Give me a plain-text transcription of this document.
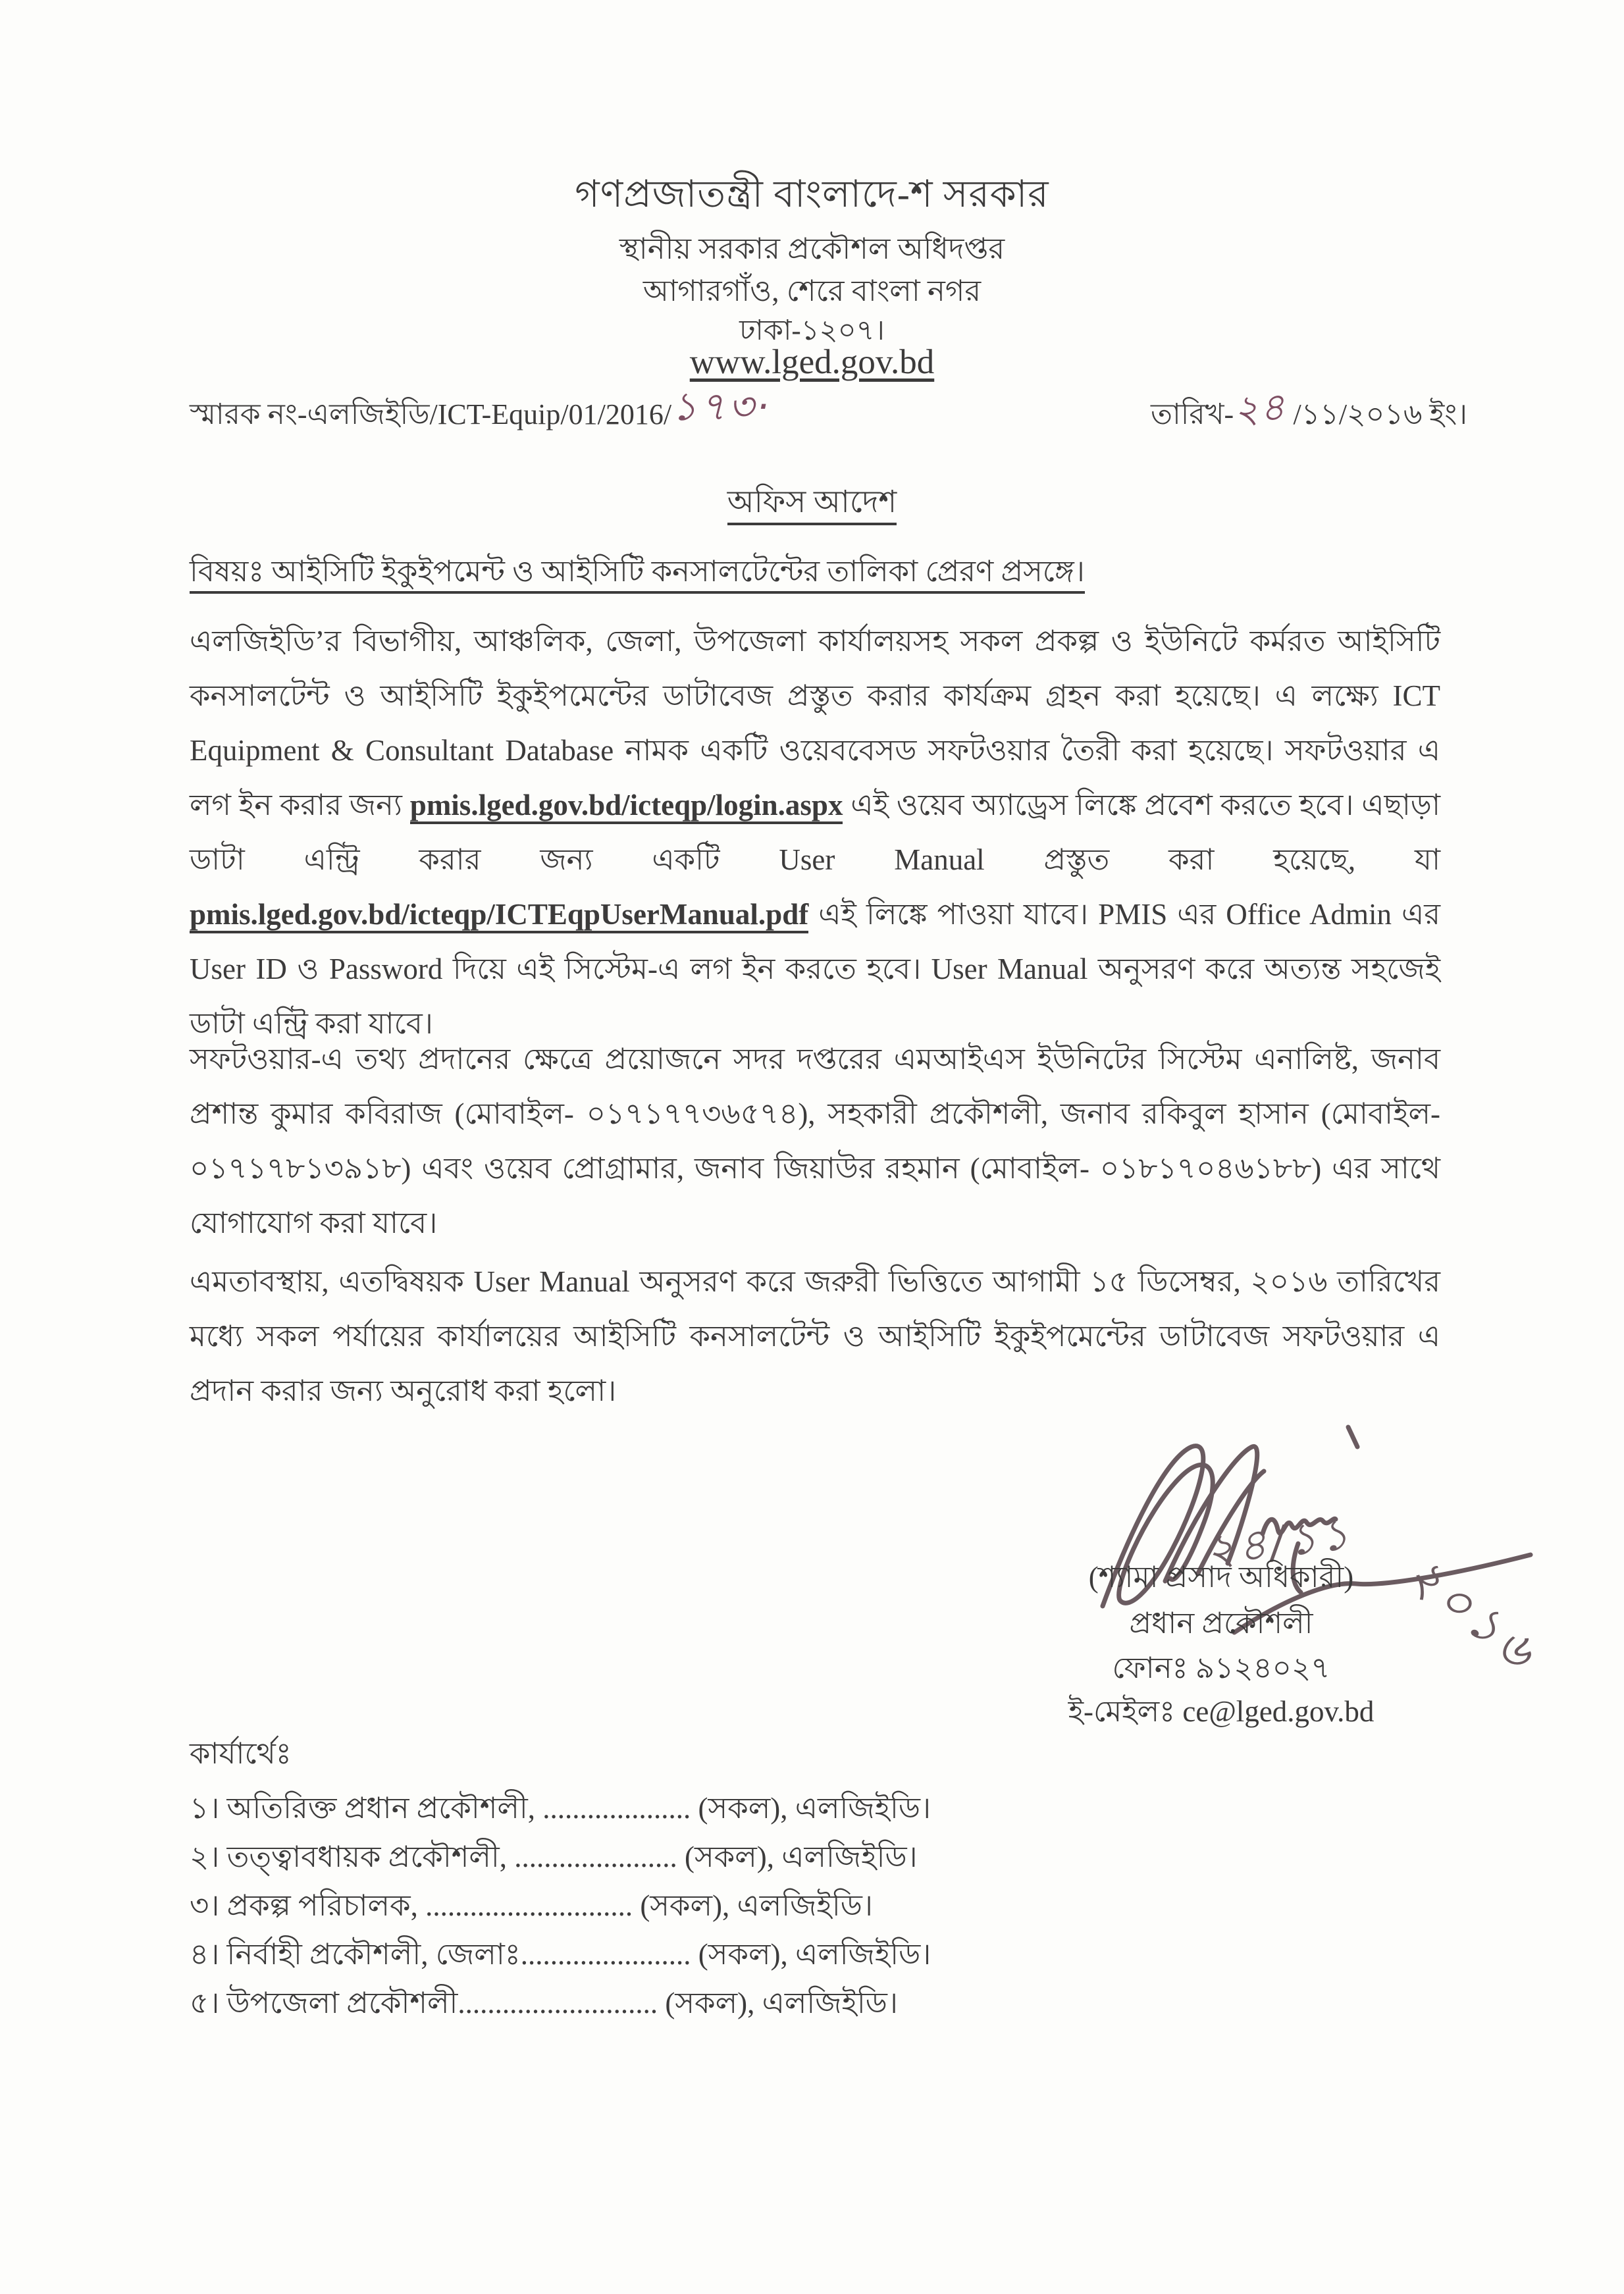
গণপ্রজাতন্ত্রী বাংলাদে-শ সরকার
স্থানীয় সরকার প্রকৌশল অধিদপ্তর
আগারগাঁও, শেরে বাংলা নগর
ঢাকা-১২০৭।
www.lged.gov.bd
স্মারক নং-এলজিইডি/ICT-Equip/01/2016/১৭৩·	তারিখ-২৪ /১১/২০১৬ ইং।
অফিস আদেশ
বিষয়ঃ আইসিটি ইকুইপমেন্ট ও আইসিটি কনসালটেন্টের তালিকা প্রেরণ প্রসঙ্গে।
এলজিইডি’র বিভাগীয়, আঞ্চলিক, জেলা, উপজেলা কার্যালয়সহ সকল প্রকল্প ও ইউনিটে কর্মরত আইসিটি কনসালটেন্ট ও আইসিটি ইকুইপমেন্টের ডাটাবেজ প্রস্তুত করার কার্যক্রম গ্রহন করা হয়েছে। এ লক্ষ্যে ICT Equipment & Consultant Database নামক একটি ওয়েববেসড সফটওয়ার তৈরী করা হয়েছে। সফটওয়ার এ লগ ইন করার জন্য pmis.lged.gov.bd/icteqp/login.aspx এই ওয়েব অ্যাড্রেস লিঙ্কে প্রবেশ করতে হবে। এছাড়া ডাটা এন্ট্রি করার জন্য একটি User Manual প্রস্তুত করা হয়েছে, যা pmis.lged.gov.bd/icteqp/ICTEqpUserManual.pdf এই লিঙ্কে পাওয়া যাবে। PMIS এর Office Admin এর User ID ও Password দিয়ে এই সিস্টেম-এ লগ ইন করতে হবে। User Manual অনুসরণ করে অত্যন্ত সহজেই ডাটা এন্ট্রি করা যাবে।
সফটওয়ার-এ তথ্য প্রদানের ক্ষেত্রে প্রয়োজনে সদর দপ্তরের এমআইএস ইউনিটের সিস্টেম এনালিষ্ট, জনাব প্রশান্ত কুমার কবিরাজ (মোবাইল- ০১৭১৭৭৩৬৫৭৪), সহকারী প্রকৌশলী, জনাব রকিবুল হাসান (মোবাইল- ০১৭১৭৮১৩৯১৮) এবং ওয়েব প্রোগ্রামার, জনাব জিয়াউর রহমান (মোবাইল- ০১৮১৭০৪৬১৮৮) এর সাথে যোগাযোগ করা যাবে।
এমতাবস্থায়, এতদ্বিষয়ক User Manual অনুসরণ করে জরুরী ভিত্তিতে আগামী ১৫ ডিসেম্বর, ২০১৬ তারিখের মধ্যে সকল পর্যায়ের কার্যালয়ের আইসিটি কনসালটেন্ট ও আইসিটি ইকুইপমেন্টের ডাটাবেজ সফটওয়ার এ প্রদান করার জন্য অনুরোধ করা হলো।
২৪/১১
২০১৬
(শ্যামা প্রসাদ অধিকারী)
প্রধান প্রকৌশলী
ফোনঃ ৯১২৪০২৭
ই-মেইলঃ ce@lged.gov.bd
কার্যার্থেঃ
১। অতিরিক্ত প্রধান প্রকৌশলী, .................... (সকল), এলজিইডি।
২। তত্ত্বাবধায়ক প্রকৌশলী, ...................... (সকল), এলজিইডি।
৩। প্রকল্প পরিচালক, ............................ (সকল), এলজিইডি।
৪। নির্বাহী প্রকৌশলী, জেলাঃ....................... (সকল), এলজিইডি।
৫। উপজেলা প্রকৌশলী........................... (সকল), এলজিইডি।
